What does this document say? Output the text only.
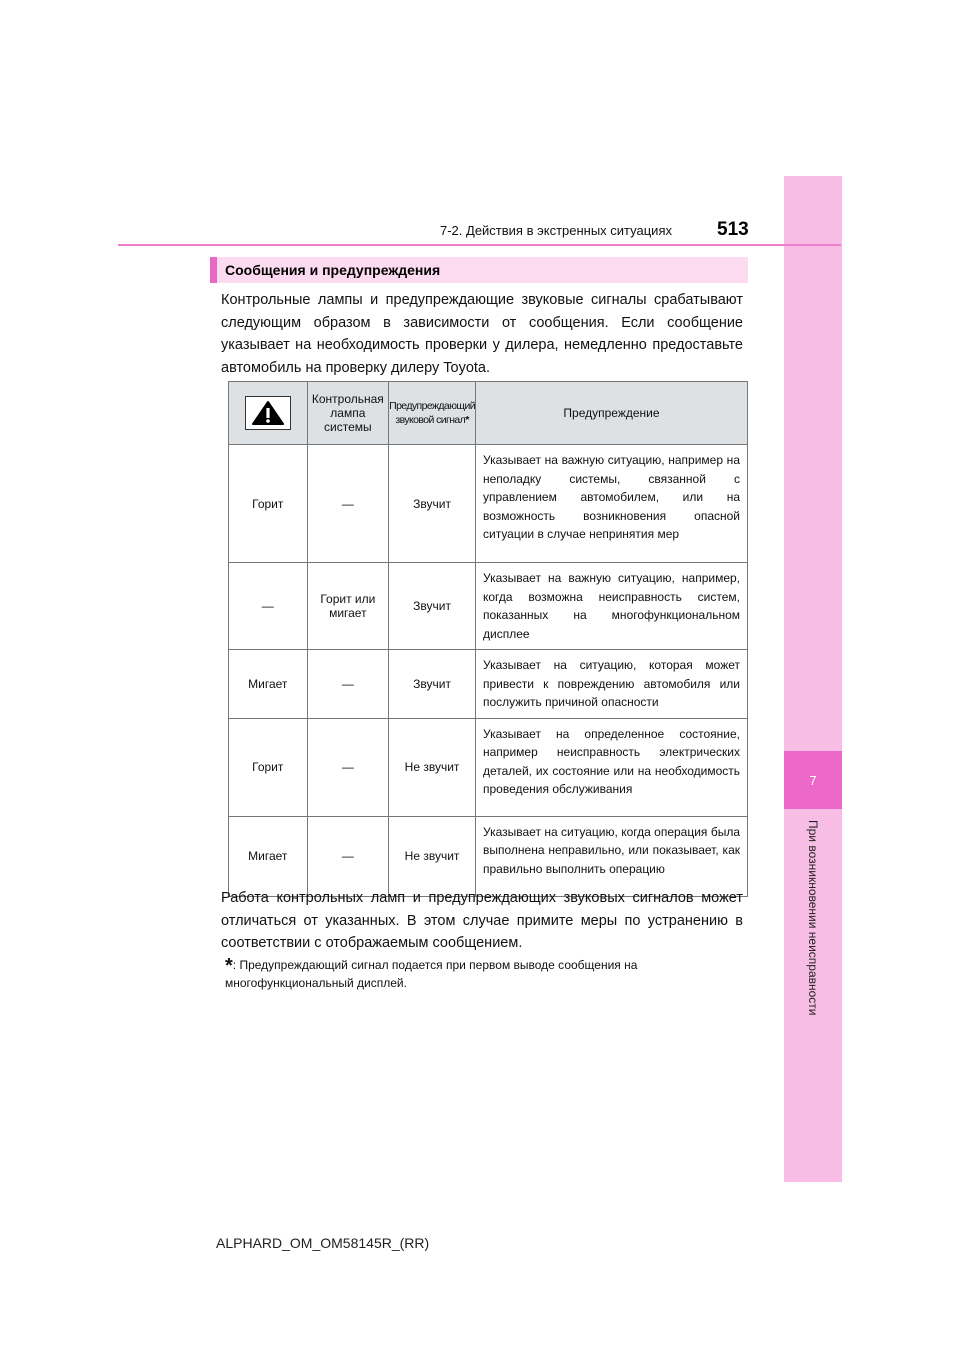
7
При возникновении неисправности
7-2. Действия в экстренных ситуациях 513
Сообщения и предупреждения
Контрольные лампы и предупреждающие звуковые сигналы срабатывают следующим образом в зависимости от сообщения. Если сообщение указывает на необходимость проверки у дилера, немедленно предоставьте автомобиль на проверку дилеру Toyota.
	Контрольная лампа системы	Предупреждающий звуковой сигнал*	Предупреждение
Горит	—	Звучит	Указывает на важную ситуацию, например на неполадку системы, связанной с управлением автомобилем, или на возможность возникновения опасной ситуации в случае непринятия мер
—	Горит или мигает	Звучит	Указывает на важную ситуацию, например, когда возможна неисправность систем, показанных на многофункциональном дисплее
Мигает	—	Звучит	Указывает на ситуацию, которая может привести к повреждению автомобиля или послужить причиной опасности
Горит	—	Не звучит	Указывает на определенное состояние, например неисправность электрических деталей, их состояние или на необходимость проведения обслуживания
Мигает	—	Не звучит	Указывает на ситуацию, когда операция была выполнена неправильно, или показывает, как правильно выполнить операцию
Работа контрольных ламп и предупреждающих звуковых сигналов может отличаться от указанных. В этом случае примите меры по устранению в соответствии с отображаемым сообщением.
*: Предупреждающий сигнал подается при первом выводе сообщения на многофункциональный дисплей.
ALPHARD_OM_OM58145R_(RR)
